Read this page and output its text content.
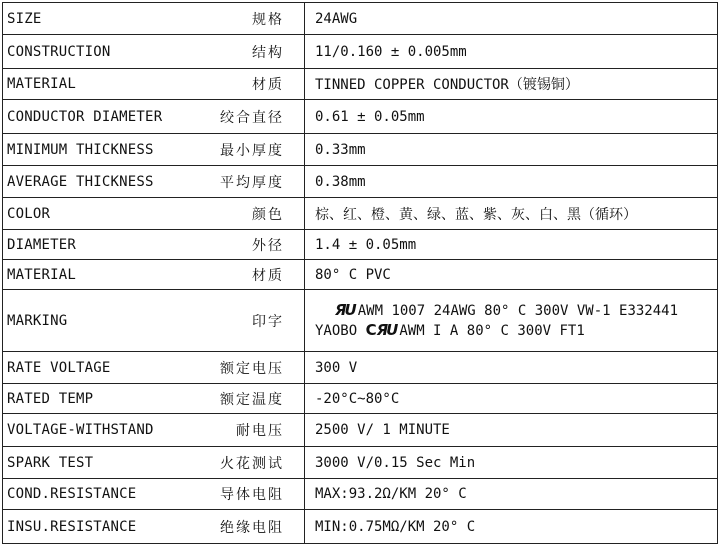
SIZE	规格	24AWG
CONSTRUCTION	结构	11/0.160 ± 0.005mm
MATERIAL	材质	TINNED COPPER CONDUCTOR（镀锡铜）
CONDUCTOR DIAMETER	绞合直径	0.61 ± 0.05mm
MINIMUM THICKNESS	最小厚度	0.33mm
AVERAGE THICKNESS	平均厚度	0.38mm
COLOR	颜色	棕、红、橙、黄、绿、蓝、紫、灰、白、黑（循环）
DIAMETER	外径	1.4 ± 0.05mm
MATERIAL	材质	80° C PVC
MARKING	印字	ЯU AWM 1007 24AWG 80° C 300V VW-1 E332441
YAOBO CЯU AWM I A 80° C 300V FT1

RATE VOLTAGE	额定电压	300 V
RATED TEMP	额定温度	-20°C~80°C
VOLTAGE-WITHSTAND	耐电压	2500 V/ 1 MINUTE
SPARK TEST	火花测试	3000 V/0.15 Sec Min
COND.RESISTANCE	导体电阻	MAX:93.2Ω/KM 20° C
INSU.RESISTANCE	绝缘电阻	MIN:0.75MΩ/KM 20° C
